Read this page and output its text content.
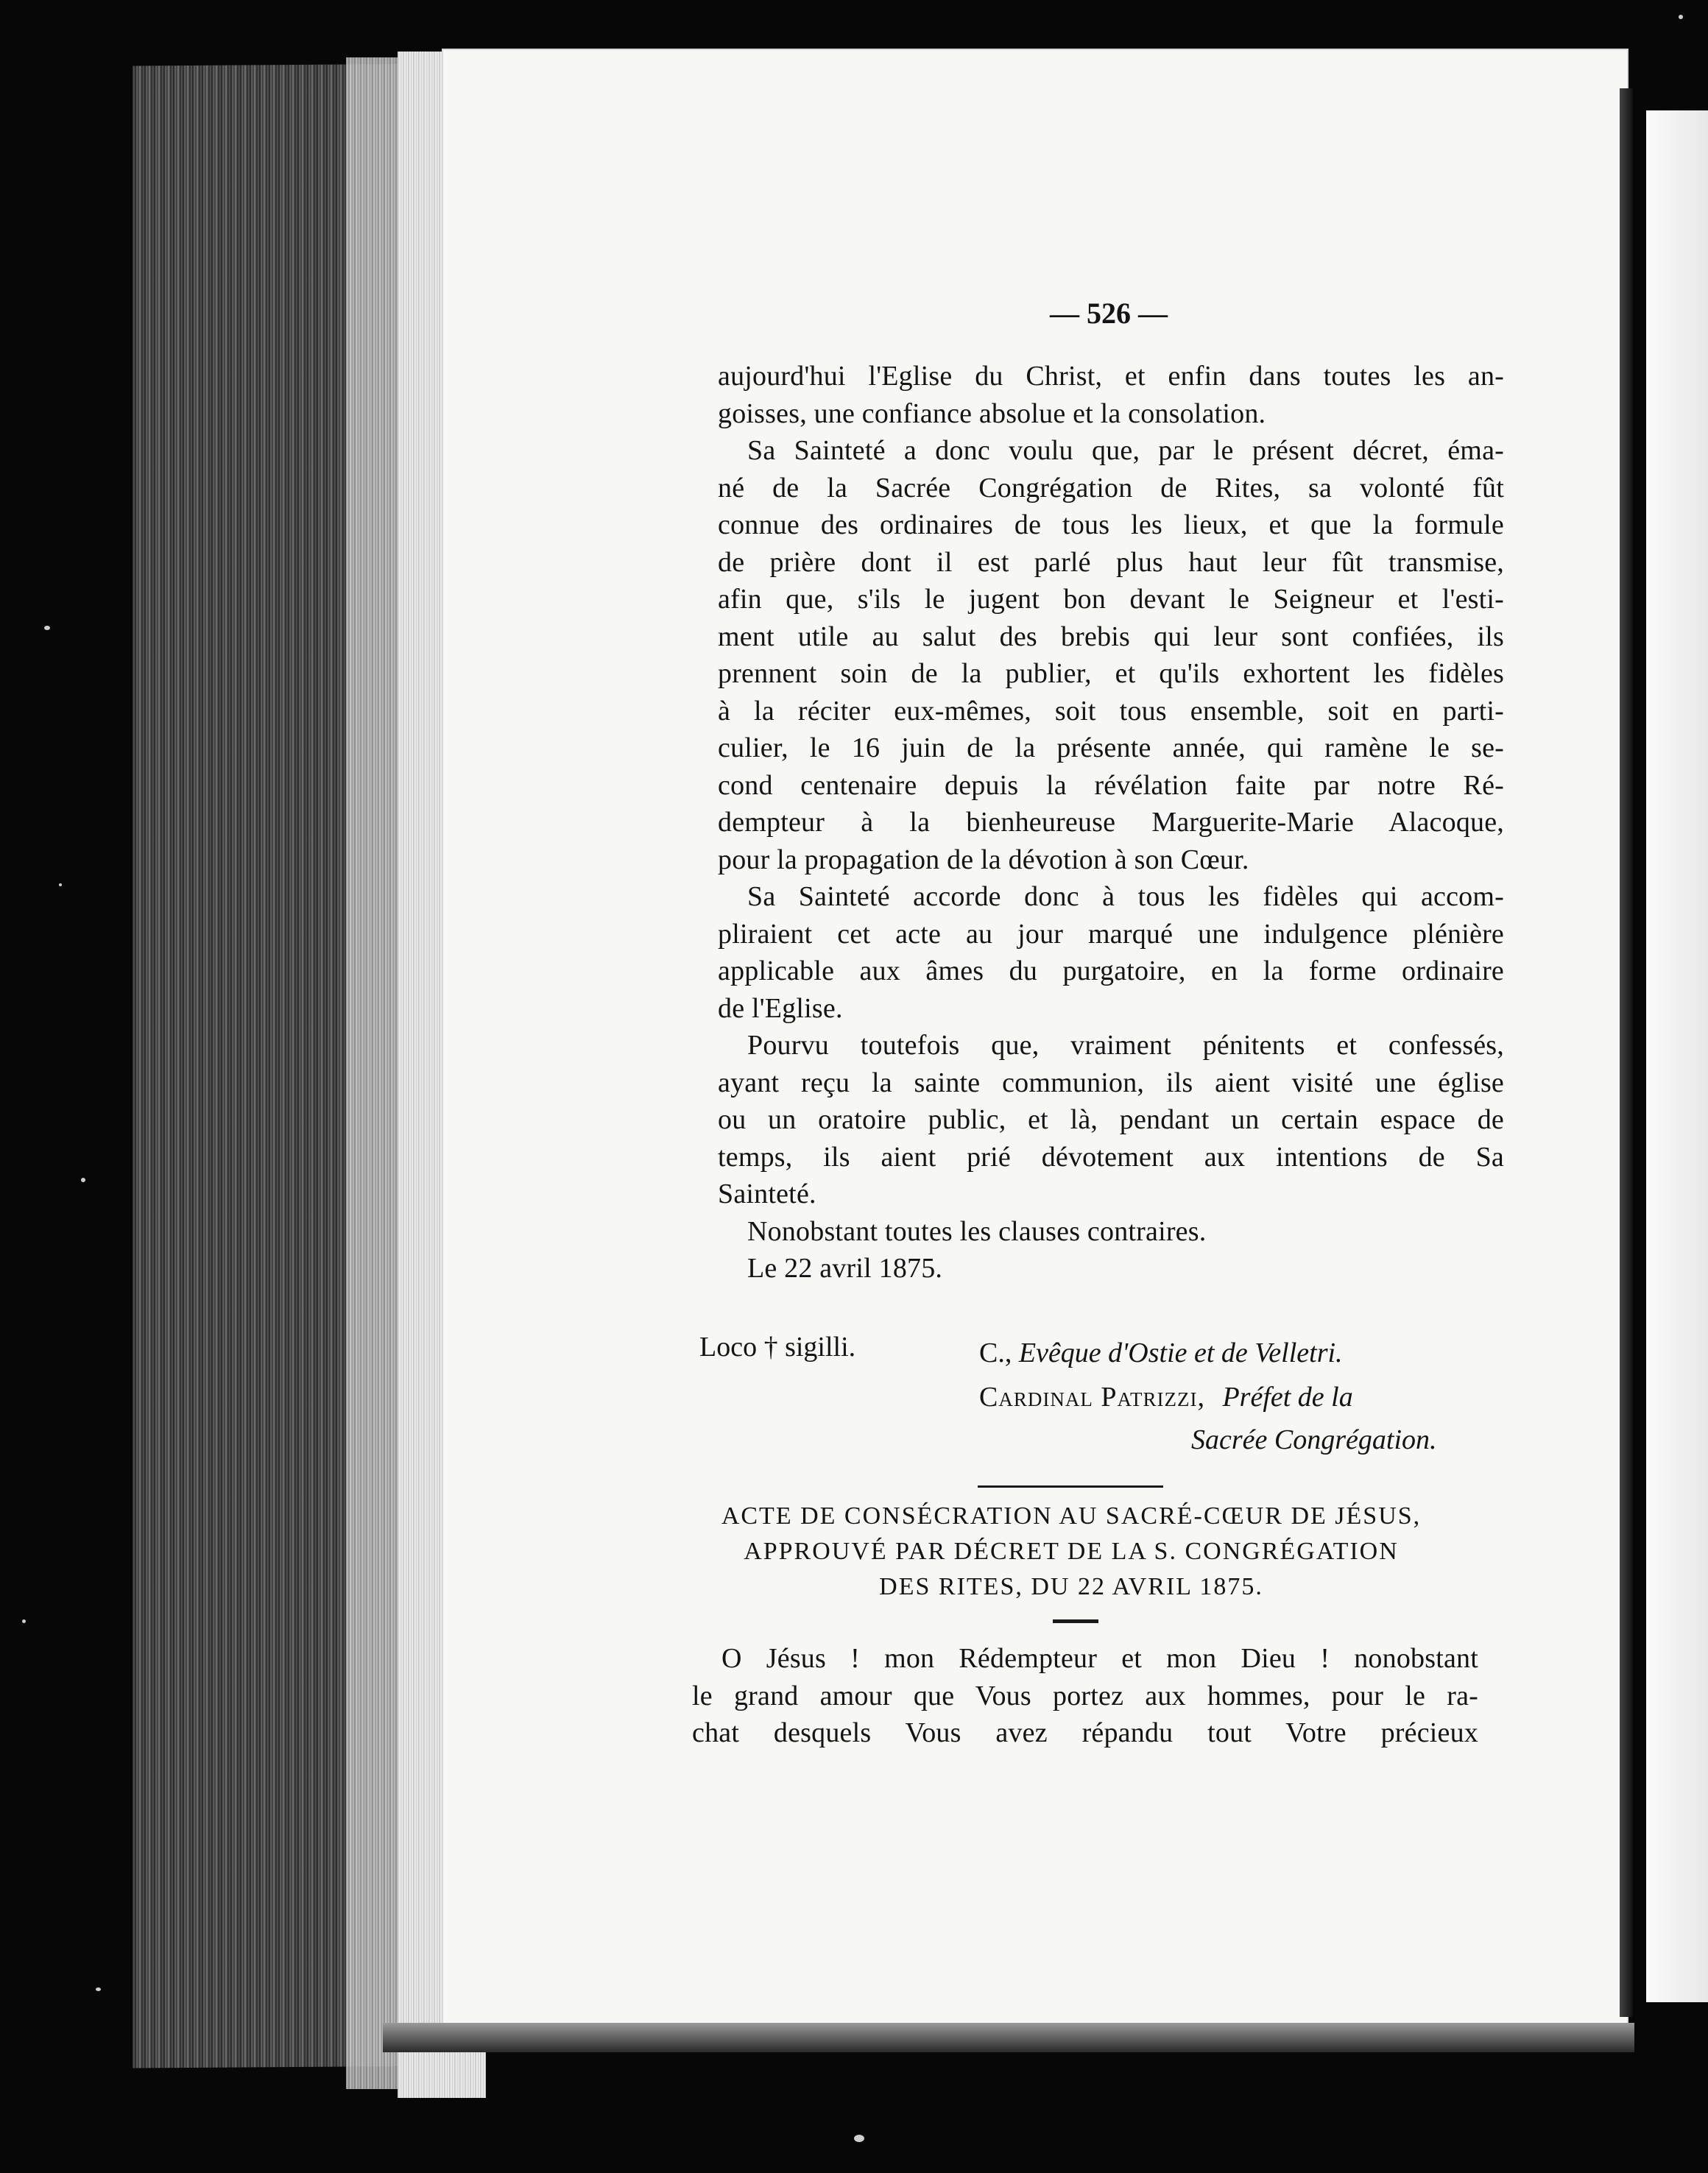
— 526 —
aujourd'hui l'Eglise du Christ, et enfin dans toutes les an-
goisses, une confiance absolue et la consolation.
Sa Sainteté a donc voulu que, par le présent décret, éma-
né de la Sacrée Congrégation de Rites, sa volonté fût
connue des ordinaires de tous les lieux, et que la formule
de prière dont il est parlé plus haut leur fût transmise,
afin que, s'ils le jugent bon devant le Seigneur et l'esti-
ment utile au salut des brebis qui leur sont confiées, ils
prennent soin de la publier, et qu'ils exhortent les fidèles
à la réciter eux-mêmes, soit tous ensemble, soit en parti-
culier, le 16 juin de la présente année, qui ramène le se-
cond centenaire depuis la révélation faite par notre Ré-
dempteur à la bienheureuse Marguerite-Marie Alacoque,
pour la propagation de la dévotion à son Cœur.
Sa Sainteté accorde donc à tous les fidèles qui accom-
pliraient cet acte au jour marqué une indulgence plénière
applicable aux âmes du purgatoire, en la forme ordinaire
de l'Eglise.
Pourvu toutefois que, vraiment pénitents et confessés,
ayant reçu la sainte communion, ils aient visité une église
ou un oratoire public, et là, pendant un certain espace de
temps, ils aient prié dévotement aux intentions de Sa
Sainteté.
Nonobstant toutes les clauses contraires.
Le 22 avril 1875.
Loco † sigilli.	C., Evêque d'Ostie et de Velletri.
Cardinal Patrizzi, Préfet de la
Sacrée Congrégation.
ACTE DE CONSÉCRATION AU SACRÉ-CŒUR DE JÉSUS,
APPROUVÉ PAR DÉCRET DE LA S. CONGRÉGATION
DES RITES, DU 22 AVRIL 1875.
O Jésus ! mon Rédempteur et mon Dieu ! nonobstant
le grand amour que Vous portez aux hommes, pour le ra-
chat desquels Vous avez répandu tout Votre précieux
